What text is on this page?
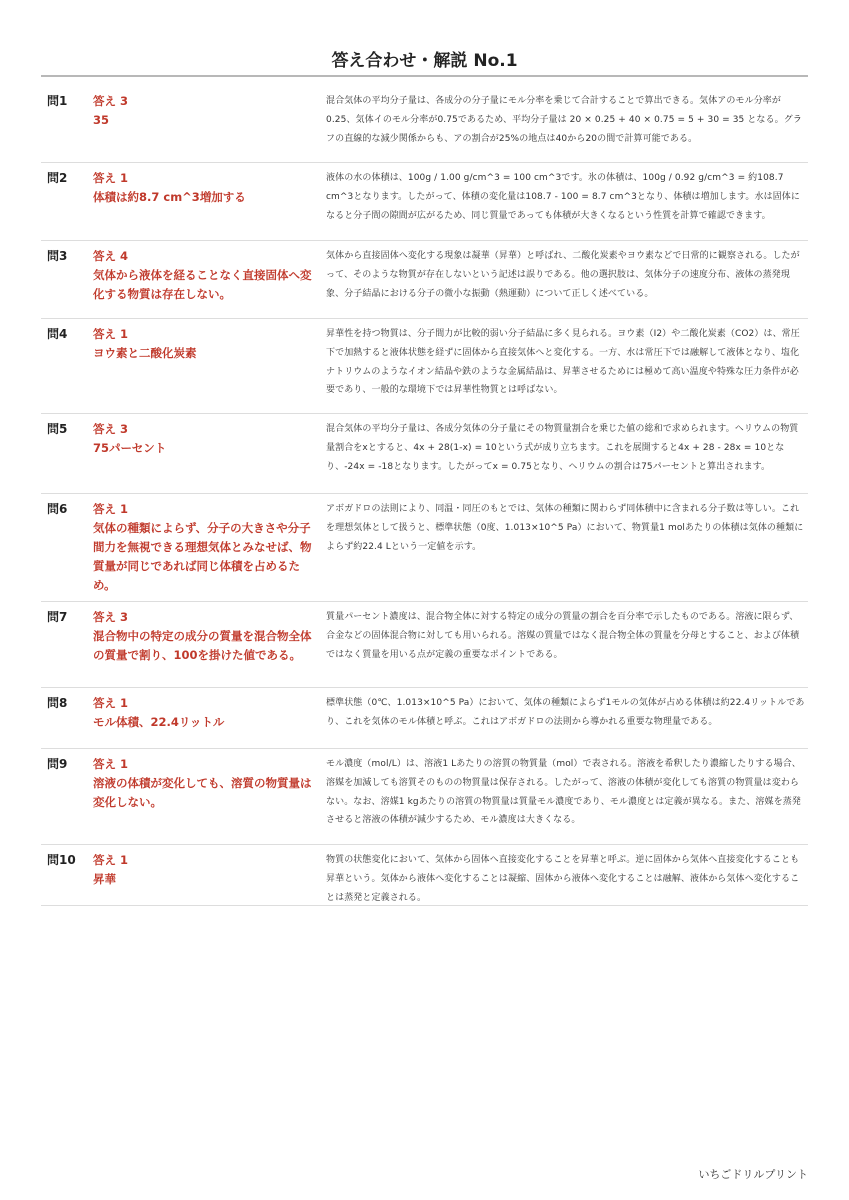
答え合わせ・解説 No.1
問1	答え 3
35
混合気体の平均分子量は、各成分の分子量にモル分率を乗じて合計することで算出できる。気体アのモル分率が0.25、気体イのモル分率が0.75であるため、平均分子量は 20 × 0.25 + 40 × 0.75 = 5 + 30 = 35 となる。グラフの直線的な減少関係からも、アの割合が25%の地点は40から20の間で計算可能である。
問2	答え 1
体積は約8.7 cm^3増加する
液体の水の体積は、100g / 1.00 g/cm^3 = 100 cm^3です。氷の体積は、100g / 0.92 g/cm^3 = 約108.7 cm^3となります。したがって、体積の変化量は108.7 - 100 = 8.7 cm^3となり、体積は増加します。水は固体になると分子間の隙間が広がるため、同じ質量であっても体積が大きくなるという性質を計算で確認できます。
問3	答え 4
気体から液体を経ることなく直接固体へ変化する物質は存在しない。
気体から直接固体へ変化する現象は凝華（昇華）と呼ばれ、二酸化炭素やヨウ素などで日常的に観察される。したがって、そのような物質が存在しないという記述は誤りである。他の選択肢は、気体分子の速度分布、液体の蒸発現象、分子結晶における分子の微小な振動（熱運動）について正しく述べている。
問4	答え 1
ヨウ素と二酸化炭素
昇華性を持つ物質は、分子間力が比較的弱い分子結晶に多く見られる。ヨウ素（I2）や二酸化炭素（CO2）は、常圧下で加熱すると液体状態を経ずに固体から直接気体へと変化する。一方、水は常圧下では融解して液体となり、塩化ナトリウムのようなイオン結晶や鉄のような金属結晶は、昇華させるためには極めて高い温度や特殊な圧力条件が必要であり、一般的な環境下では昇華性物質とは呼ばない。
問5	答え 3
75パーセント
混合気体の平均分子量は、各成分気体の分子量にその物質量割合を乗じた値の総和で求められます。ヘリウムの物質量割合をxとすると、4x + 28(1-x) = 10という式が成り立ちます。これを展開すると4x + 28 - 28x = 10となり、-24x = -18となります。したがってx = 0.75となり、ヘリウムの割合は75パーセントと算出されます。
問6	答え 1
気体の種類によらず、分子の大きさや分子間力を無視できる理想気体とみなせば、物質量が同じであれば同じ体積を占めるため。
アボガドロの法則により、同温・同圧のもとでは、気体の種類に関わらず同体積中に含まれる分子数は等しい。これを理想気体として扱うと、標準状態（0度、1.013×10^5 Pa）において、物質量1 molあたりの体積は気体の種類によらず約22.4 Lという一定値を示す。
問7	答え 3
混合物中の特定の成分の質量を混合物全体の質量で割り、100を掛けた値である。
質量パーセント濃度は、混合物全体に対する特定の成分の質量の割合を百分率で示したものである。溶液に限らず、合金などの固体混合物に対しても用いられる。溶媒の質量ではなく混合物全体の質量を分母とすること、および体積ではなく質量を用いる点が定義の重要なポイントである。
問8	答え 1
モル体積、22.4リットル
標準状態（0℃、1.013×10^5 Pa）において、気体の種類によらず1モルの気体が占める体積は約22.4リットルであり、これを気体のモル体積と呼ぶ。これはアボガドロの法則から導かれる重要な物理量である。
問9	答え 1
溶液の体積が変化しても、溶質の物質量は変化しない。
モル濃度（mol/L）は、溶液1 Lあたりの溶質の物質量（mol）で表される。溶液を希釈したり濃縮したりする場合、溶媒を加減しても溶質そのものの物質量は保存される。したがって、溶液の体積が変化しても溶質の物質量は変わらない。なお、溶媒1 kgあたりの溶質の物質量は質量モル濃度であり、モル濃度とは定義が異なる。また、溶媒を蒸発させると溶液の体積が減少するため、モル濃度は大きくなる。
問10	答え 1
昇華
物質の状態変化において、気体から固体へ直接変化することを昇華と呼ぶ。逆に固体から気体へ直接変化することも昇華という。気体から液体へ変化することは凝縮、固体から液体へ変化することは融解、液体から気体へ変化することは蒸発と定義される。
いちごドリルプリント
